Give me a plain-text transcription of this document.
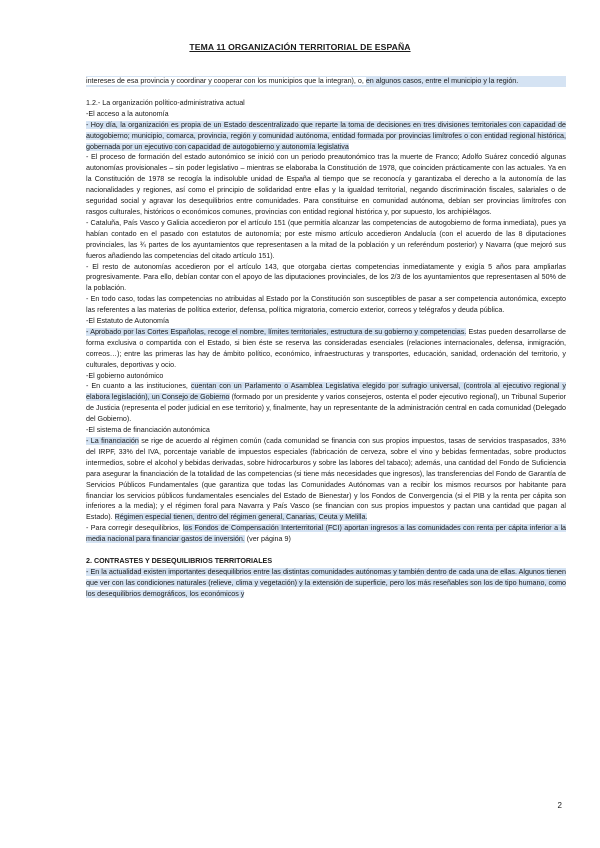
TEMA 11 ORGANIZACIÓN TERRITORIAL DE ESPAÑA

intereses de esa provincia y coordinar y cooperar con los municipios que la integran), o, en algunos casos, entre el municipio y la región.

1.2.- La organización político-administrativa actual

-El acceso a la autonomía

- Hoy día, la organización es propia de un Estado descentralizado que reparte la toma de decisiones en tres divisiones territoriales con capacidad de autogobierno; municipio, comarca, provincia, región y comunidad autónoma, entidad formada por provincias limítrofes o con entidad regional histórica, gobernada por un ejecutivo con capacidad de autogobierno y autonomía legislativa

- El proceso de formación del estado autonómico se inició con un periodo preautonómico tras la muerte de Franco; Adolfo Suárez concedió algunas autonomías provisionales – sin poder legislativo – mientras se elaboraba la Constitución de 1978, que coinciden prácticamente con las actuales. Ya en la Constitución de 1978 se recogía la indisoluble unidad de España al tiempo que se reconocía y garantizaba el derecho a la autonomía de las nacionalidades y regiones, así como el principio de solidaridad entre ellas y la igualdad territorial, negando discriminación fiscales, salariales o de seguridad social y agravar los desequilibrios entre comunidades. Para constituirse en comunidad autónoma, debían ser provincias limítrofes con rasgos culturales, históricos o económicos comunes, provincias con entidad regional histórica y, por supuesto, los archipiélagos.

- Cataluña, País Vasco y Galicia accedieron por el artículo 151 (que permitía alcanzar las competencias de autogobierno de forma inmediata), pues ya habían contado en el pasado con estatutos de autonomía; por este mismo artículo accedieron Andalucía (con el acuerdo de las 8 diputaciones provinciales, las ¾ partes de los ayuntamientos que representasen a la mitad de la población y un referéndum posterior) y Navarra (que mejoró sus fueros añadiendo las competencias del citado artículo 151).

- El resto de autonomías accedieron por el artículo 143, que otorgaba ciertas competencias inmediatamente y exigía 5 años para ampliarlas progresivamente. Para ello, debían contar con el apoyo de las diputaciones provinciales, de los 2/3 de los ayuntamientos que representasen al 50% de la población.

- En todo caso, todas las competencias no atribuidas al Estado por la Constitución son susceptibles de pasar a ser competencia autonómica, excepto las referentes a las materias de política exterior, defensa, política migratoria, comercio exterior, correos y telégrafos y deuda pública.

-El Estatuto de Autonomía

- Aprobado por las Cortes Españolas, recoge el nombre, límites territoriales, estructura de su gobierno y competencias. Estas pueden desarrollarse de forma exclusiva o compartida con el Estado, si bien éste se reserva las consideradas esenciales (relaciones internacionales, defensa, inmigración, correos…); entre las primeras las hay de ámbito político, económico, infraestructuras y transportes, educación, sanidad, ordenación del territorio, y culturales, deportivas y ocio.

-El gobierno autonómico

- En cuanto a las instituciones, cuentan con un Parlamento o Asamblea Legislativa elegido por sufragio universal, (controla al ejecutivo regional y elabora legislación), un Consejo de Gobierno (formado por un presidente y varios consejeros, ostenta el poder ejecutivo regional), un Tribunal Superior de Justicia (representa el poder judicial en ese territorio) y, finalmente, hay un representante de la administración central en cada comunidad (Delegado del Gobierno).

-El sistema de financiación autonómica

- La financiación se rige de acuerdo al régimen común (cada comunidad se financia con sus propios impuestos, tasas de servicios traspasados, 33% del IRPF, 33% del IVA, porcentaje variable de impuestos especiales (fabricación de cerveza, sobre el vino y bebidas fermentadas, sobre productos intermedios, sobre el alcohol y bebidas derivadas, sobre hidrocarburos y sobre las labores del tabaco); además, una cantidad del Fondo de Suficiencia para asegurar la financiación de la totalidad de las competencias (si tiene más necesidades que ingresos), las transferencias del Fondo de Garantía de Servicios Públicos Fundamentales (que garantiza que todas las Comunidades Autónomas van a recibir los mismos recursos por habitante para financiar los servicios públicos fundamentales esenciales del Estado de Bienestar) y los Fondos de Convergencia (si el PIB y la renta per cápita son inferiores a la media); y el régimen foral para Navarra y País Vasco (se financian con sus propios impuestos y pactan una cantidad que pagan al Estado). Régimen especial tienen, dentro del régimen general, Canarias, Ceuta y Melilla.

- Para corregir desequilibrios, los Fondos de Compensación Interterritorial (FCI) aportan ingresos a las comunidades con renta per cápita inferior a la media nacional para financiar gastos de inversión. (ver página 9)

2. CONTRASTES Y DESEQUILIBRIOS TERRITORIALES

- En la actualidad existen importantes desequilibrios entre las distintas comunidades autónomas y también dentro de cada una de ellas. Algunos tienen que ver con las condiciones naturales (relieve, clima y vegetación) y la extensión de superficie, pero los más reseñables son los de tipo humano, como los desequilibrios demográficos, los económicos y

2
